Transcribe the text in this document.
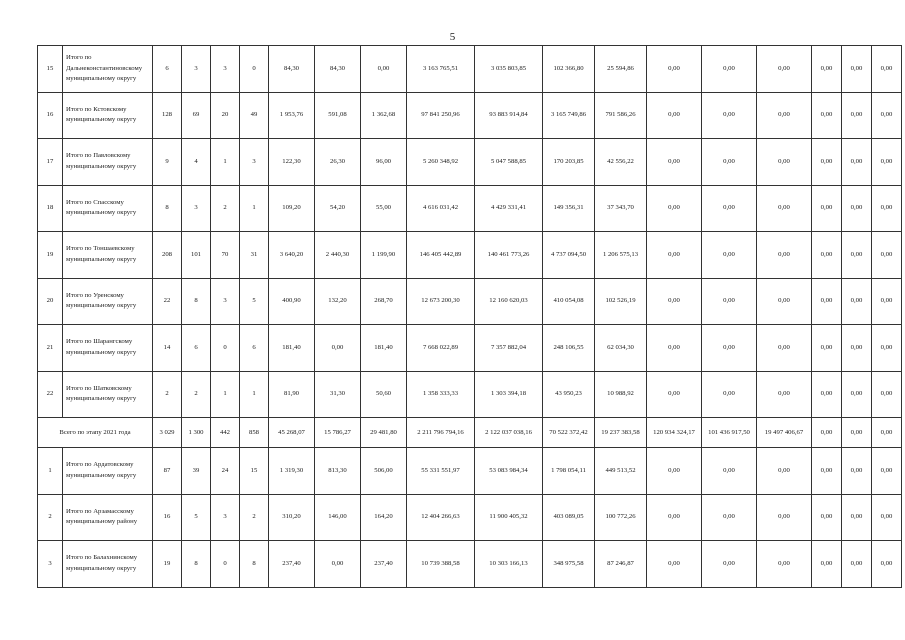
5
15	Итого по Дальнеконстантиновскому муниципальному округу	6	3	3	0	84,30	84,30	0,00	3 163 765,51	3 035 803,85	102 366,80	25 594,86	0,00	0,00	0,00	0,00	0,00	0,00
16	Итого по Кстовскому муниципальному округу	128	69	20	49	1 953,76	591,08	1 362,68	97 841 250,96	93 883 914,84	3 165 749,86	791 586,26	0,00	0,00	0,00	0,00	0,00	0,00
17	Итого по Павловскому муниципальному округу	9	4	1	3	122,30	26,30	96,00	5 260 348,92	5 047 588,85	170 203,85	42 556,22	0,00	0,00	0,00	0,00	0,00	0,00
18	Итого по Спасскому муниципальному округу	8	3	2	1	109,20	54,20	55,00	4 616 031,42	4 429 331,41	149 356,31	37 343,70	0,00	0,00	0,00	0,00	0,00	0,00
19	Итого по Тоншаевскому муниципальному округу	208	101	70	31	3 640,20	2 440,30	1 199,90	146 405 442,89	140 461 773,26	4 737 094,50	1 206 575,13	0,00	0,00	0,00	0,00	0,00	0,00
20	Итого по Уренскому муниципальному округу	22	8	3	5	400,90	132,20	268,70	12 673 200,30	12 160 620,03	410 054,08	102 526,19	0,00	0,00	0,00	0,00	0,00	0,00
21	Итого по Шарангскому муниципальному округу	14	6	0	6	181,40	0,00	181,40	7 668 022,89	7 357 882,04	248 106,55	62 034,30	0,00	0,00	0,00	0,00	0,00	0,00
22	Итого по Шатковскому муниципальному округу	2	2	1	1	81,90	31,30	50,60	1 358 333,33	1 303 394,18	43 950,23	10 988,92	0,00	0,00	0,00	0,00	0,00	0,00
Всего по этапу 2021 года		3 029	1 300	442	858	45 268,07	15 786,27	29 481,80	2 211 796 794,16	2 122 037 038,16	70 522 372,42	19 237 383,58	120 934 324,17	101 436 917,50	19 497 406,67	0,00	0,00	0,00
1	Итого по Ардатовскому муниципальному округу	87	39	24	15	1 319,30	813,30	506,00	55 331 551,97	53 083 984,34	1 798 054,11	449 513,52	0,00	0,00	0,00	0,00	0,00	0,00
2	Итого по Арзамасскому муниципальному району	16	5	3	2	310,20	146,00	164,20	12 404 266,63	11 900 405,32	403 089,05	100 772,26	0,00	0,00	0,00	0,00	0,00	0,00
3	Итого по Балахнинскому муниципальному округу	19	8	0	8	237,40	0,00	237,40	10 739 388,58	10 303 166,13	348 975,58	87 246,87	0,00	0,00	0,00	0,00	0,00	0,00
